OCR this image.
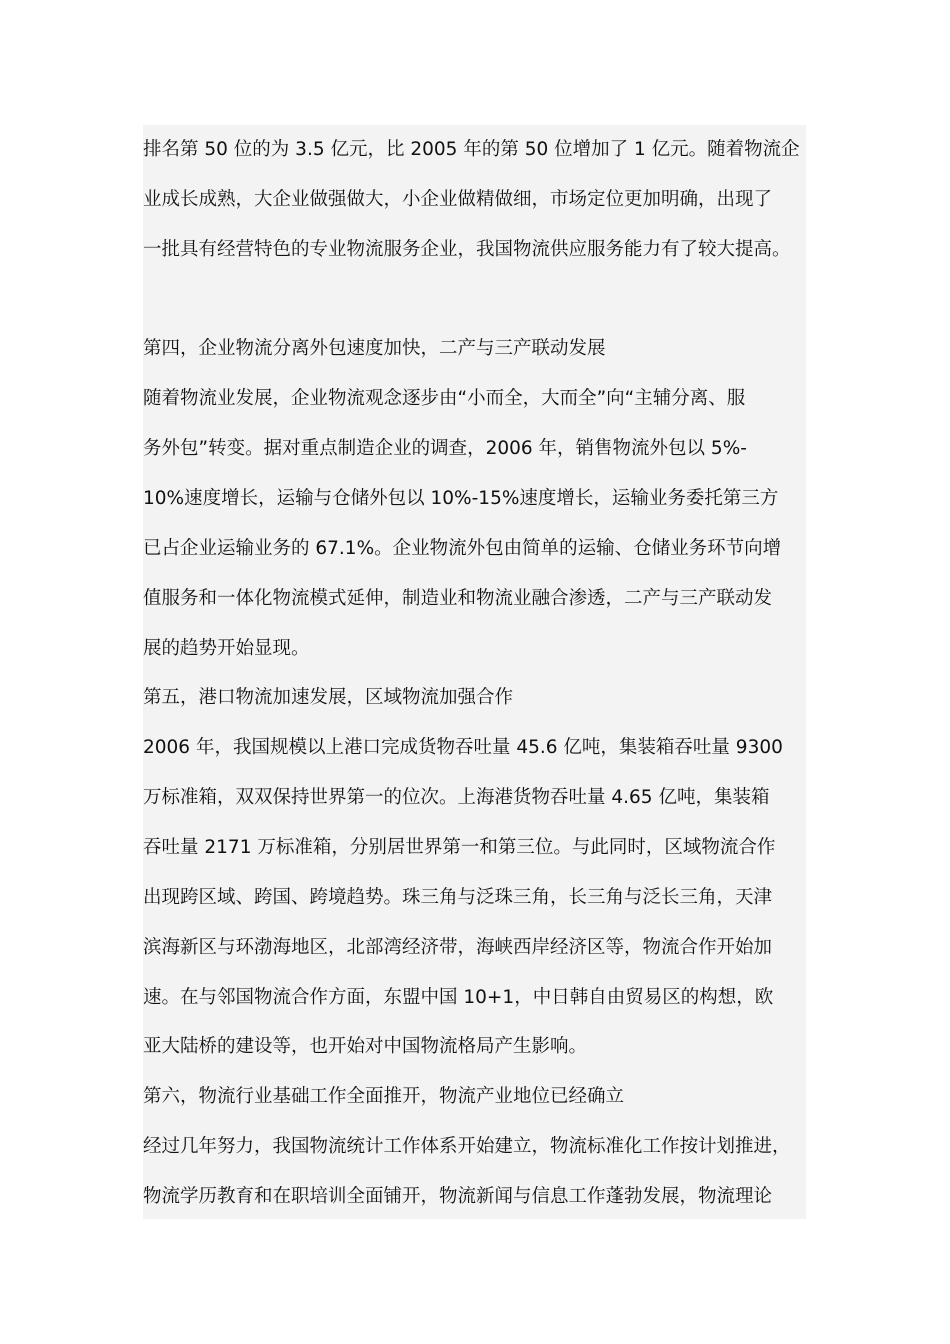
排名第 50 位的为 3.5 亿元，比 2005 年的第 50 位增加了 1 亿元。随着物流企
业成长成熟，大企业做强做大，小企业做精做细，市场定位更加明确，出现了
一批具有经营特色的专业物流服务企业，我国物流供应服务能力有了较大提高。
第四，企业物流分离外包速度加快，二产与三产联动发展
随着物流业发展，企业物流观念逐步由“小而全，大而全”向“主辅分离、服
务外包”转变。据对重点制造企业的调查，2006 年，销售物流外包以 5%-
10%速度增长，运输与仓储外包以 10%-15%速度增长，运输业务委托第三方
已占企业运输业务的 67.1%。企业物流外包由简单的运输、仓储业务环节向增
值服务和一体化物流模式延伸，制造业和物流业融合渗透，二产与三产联动发
展的趋势开始显现。
第五，港口物流加速发展，区域物流加强合作
2006 年，我国规模以上港口完成货物吞吐量 45.6 亿吨，集装箱吞吐量 9300
万标准箱，双双保持世界第一的位次。上海港货物吞吐量 4.65 亿吨，集装箱
吞吐量 2171 万标准箱，分别居世界第一和第三位。与此同时，区域物流合作
出现跨区域、跨国、跨境趋势。珠三角与泛珠三角，长三角与泛长三角，天津
滨海新区与环渤海地区，北部湾经济带，海峡西岸经济区等，物流合作开始加
速。在与邻国物流合作方面，东盟中国 10+1，中日韩自由贸易区的构想，欧
亚大陆桥的建设等，也开始对中国物流格局产生影响。
第六，物流行业基础工作全面推开，物流产业地位已经确立
经过几年努力，我国物流统计工作体系开始建立，物流标准化工作按计划推进，
物流学历教育和在职培训全面铺开，物流新闻与信息工作蓬勃发展，物流理论
